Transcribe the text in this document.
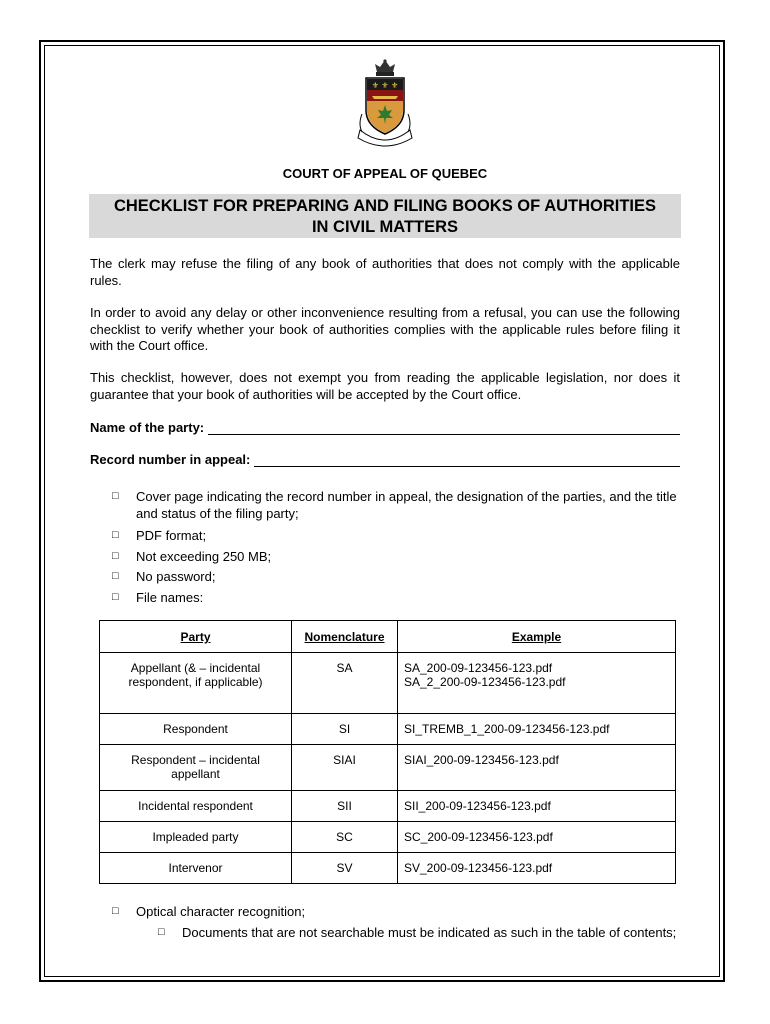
⚜ ⚜ ⚜
COURT OF APPEAL OF QUEBEC
CHECKLIST FOR PREPARING AND FILING BOOKS OF AUTHORITIES
IN CIVIL MATTERS
The clerk may refuse the filing of any book of authorities that does not comply with the applicable rules.
In order to avoid any delay or other inconvenience resulting from a refusal, you can use the following checklist to verify whether your book of authorities complies with the applicable rules before filing it with the Court office.
This checklist, however, does not exempt you from reading the applicable legislation, nor does it guarantee that your book of authorities will be accepted by the Court office.
Name of the party:
Record number in appeal:
□	Cover page indicating the record number in appeal, the designation of the parties, and the title and status of the filing party;
□	PDF format;
□	Not exceeding 250 MB;
□	No password;
□	File names:
Party	Nomenclature	Example
Appellant (& – incidental respondent, if applicable)	SA	SA_200-09-123456-123.pdf
SA_2_200-09-123456-123.pdf
Respondent	SI	SI_TREMB_1_200-09-123456-123.pdf
Respondent – incidental appellant	SIAI	SIAI_200-09-123456-123.pdf
Incidental respondent	SII	SII_200-09-123456-123.pdf
Impleaded party	SC	SC_200-09-123456-123.pdf
Intervenor	SV	SV_200-09-123456-123.pdf
□	Optical character recognition;
□	Documents that are not searchable must be indicated as such in the table of contents;
